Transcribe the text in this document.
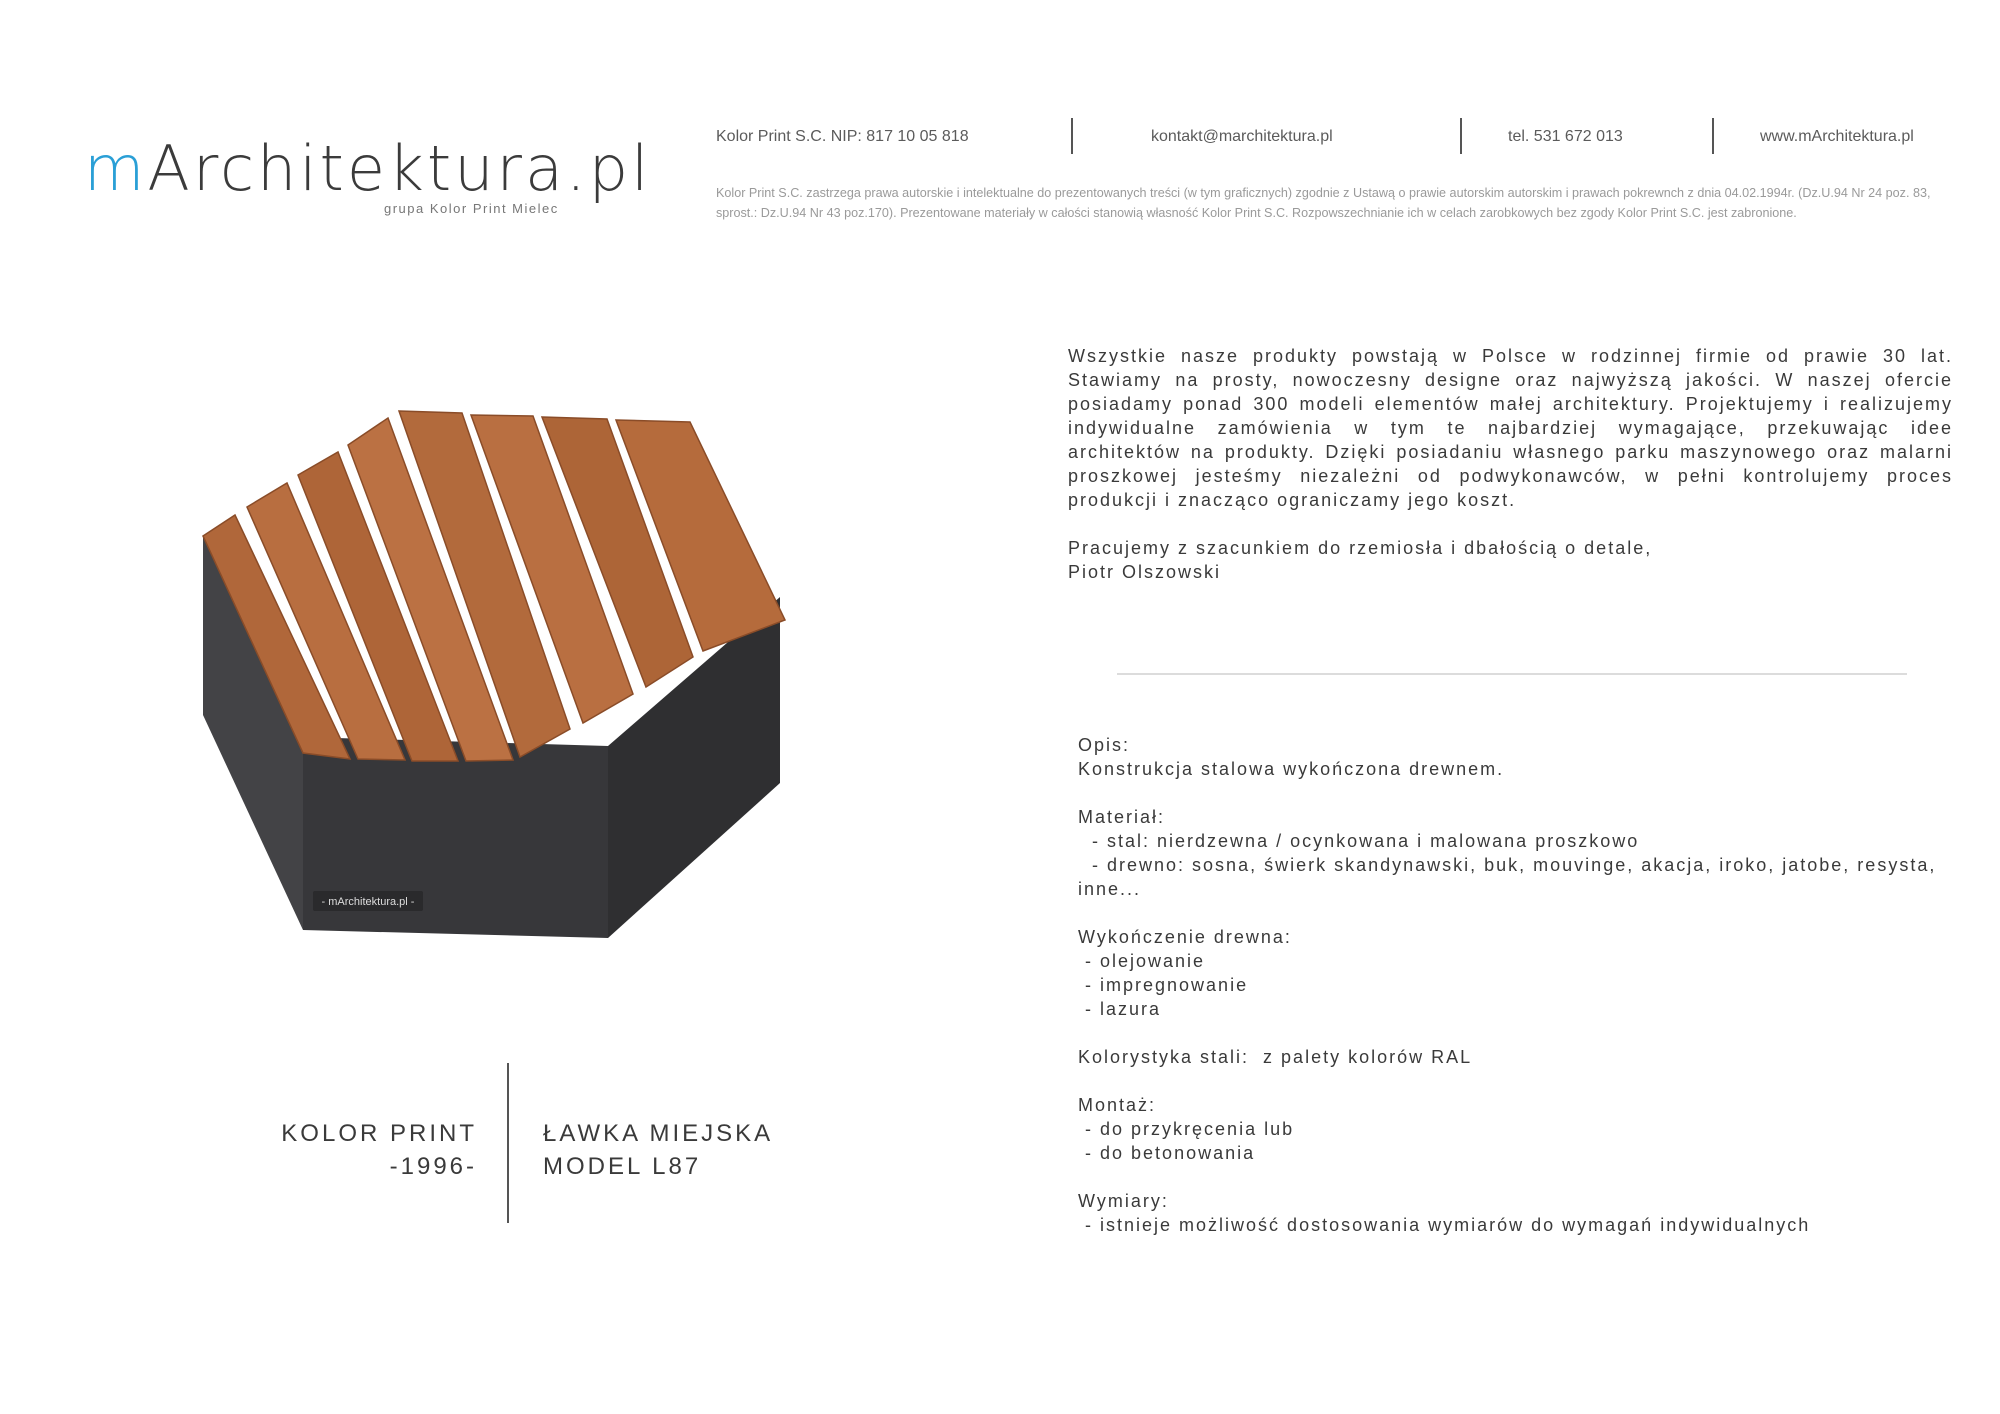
mArchitektura.pl
grupa Kolor Print Mielec
Kolor Print S.C. NIP: 817 10 05 818	kontakt@marchitektura.pl	tel. 531 672 013	www.mArchitektura.pl
Kolor Print S.C. zastrzega prawa autorskie i intelektualne do prezentowanych treści (w tym graficznych) zgodnie z Ustawą o prawie autorskim autorskim i prawach pokrewnch z dnia 04.02.1994r. (Dz.U.94 Nr 24 poz. 83, sprost.: Dz.U.94 Nr 43 poz.170). Prezentowane materiały w całości stanowią własność Kolor Print S.C. Rozpowszechnianie ich w celach zarobkowych bez zgody Kolor Print S.C. jest zabronione.
- mArchitektura.pl -

Wszystkie nasze produkty powstają w Polsce w rodzinnej firmie od prawie 30 lat. Stawiamy na prosty, nowoczesny designe oraz najwyższą jakości. W naszej ofercie posiadamy ponad 300 modeli elementów małej architektury. Projektujemy i realizujemy indywidualne zamówienia w tym te najbardziej wymagające, przekuwając idee architektów na produkty. Dzięki posiadaniu własnego parku maszynowego oraz malarni proszkowej jesteśmy niezależni od podwykonawców, w pełni kontrolujemy proces produkcji i znacząco ograniczamy jego koszt.

Pracujemy z szacunkiem do rzemiosła i dbałością o detale,

Piotr Olszowski

Opis:
Konstrukcja stalowa wykończona drewnem.

Materiał:
- stal: nierdzewna / ocynkowana i malowana proszkowo
- drewno: sosna, świerk skandynawski, buk, mouvinge, akacja, iroko, jatobe, resysta, inne...

Wykończenie drewna:
- olejowanie
- impregnowanie
- lazura

Kolorystyka stali:  z palety kolorów RAL

Montaż:
- do przykręcenia lub
- do betonowania

Wymiary:
- istnieje możliwość dostosowania wymiarów do wymagań indywidualnych
KOLOR PRINT
-1996-
ŁAWKA MIEJSKA
MODEL L87
